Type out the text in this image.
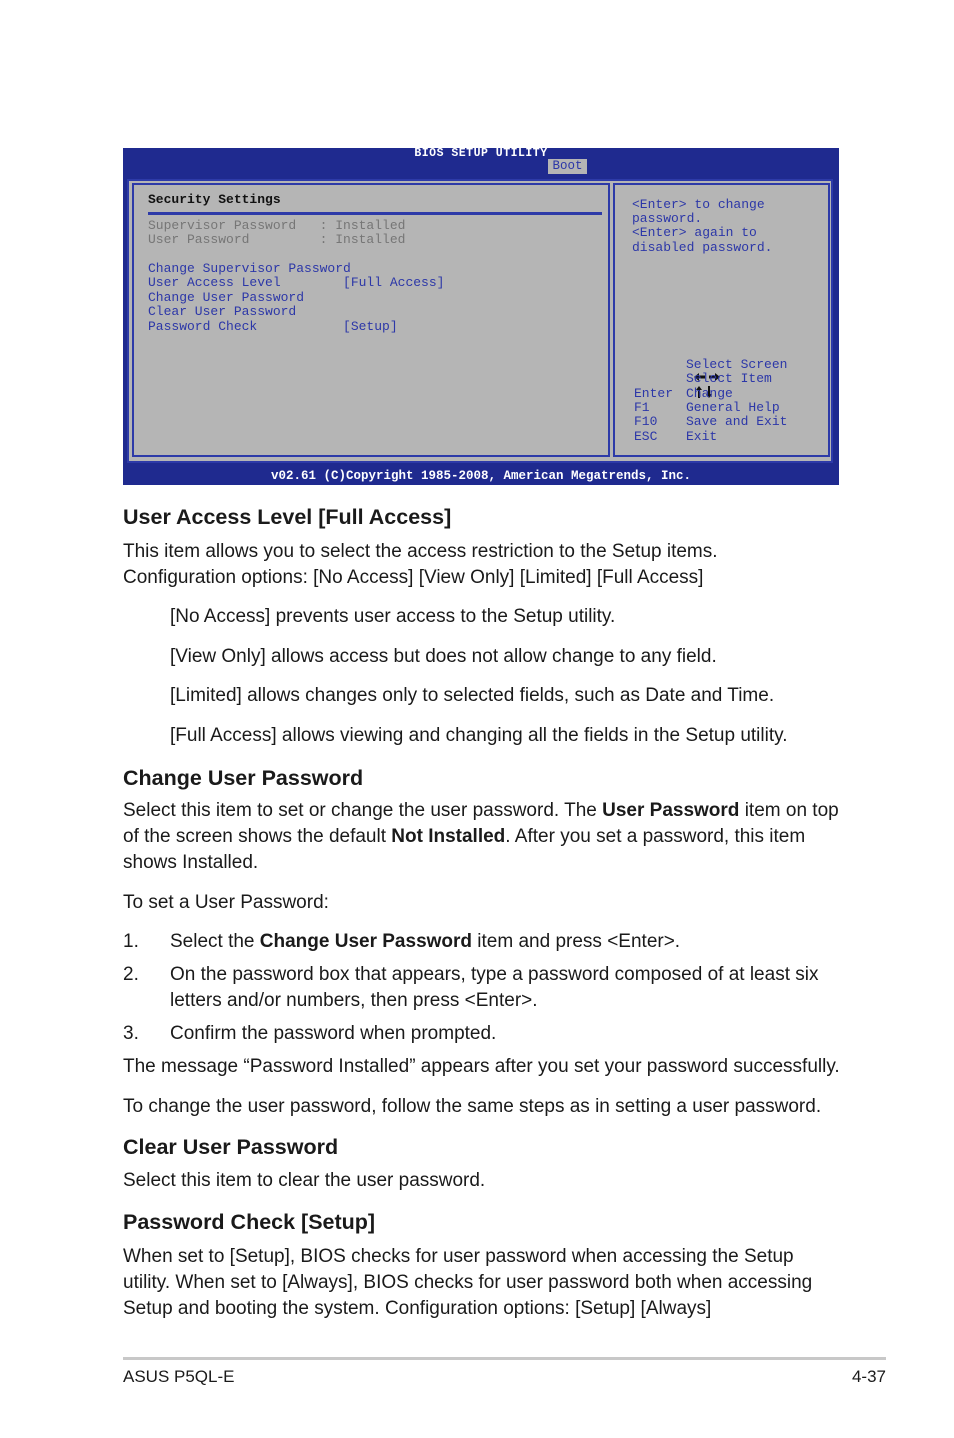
BIOS SETUP UTILITY
Boot
Security Settings
Supervisor Password   : Installed
User Password         : Installed
Change Supervisor Password
User Access Level        [Full Access]
Change User Password
Clear User Password
Password Check           [Setup]
<Enter> to change
password.
<Enter> again to
disabled password.

Select Screen

Select Item
Enter Change
F1	General Help
F10 Save and Exit
ESC Exit
v02.61 (C)Copyright 1985-2008, American Megatrends, Inc.
User Access Level [Full Access]
This item allows you to select the access restriction to the Setup items.
Configuration options: [No Access] [View Only] [Limited] [Full Access]
[No Access] prevents user access to the Setup utility.
[View Only] allows access but does not allow change to any field.
[Limited] allows changes only to selected fields, such as Date and Time.
[Full Access] allows viewing and changing all the fields in the Setup utility.
Change User Password
Select this item to set or change the user password. The User Password item on top of the screen shows the default Not Installed. After you set a password, this item shows Installed.
To set a User Password:
1. Select the Change User Password item and press <Enter>.
2. On the password box that appears, type a password composed of at least six letters and/or numbers, then press <Enter>.
3. Confirm the password when prompted.
The message “Password Installed” appears after you set your password successfully.
To change the user password, follow the same steps as in setting a user password.
Clear User Password
Select this item to clear the user password.
Password Check [Setup]
When set to [Setup], BIOS checks for user password when accessing the Setup utility. When set to [Always], BIOS checks for user password both when accessing Setup and booting the system. Configuration options: [Setup] [Always]
ASUS P5QL-E	4-37
